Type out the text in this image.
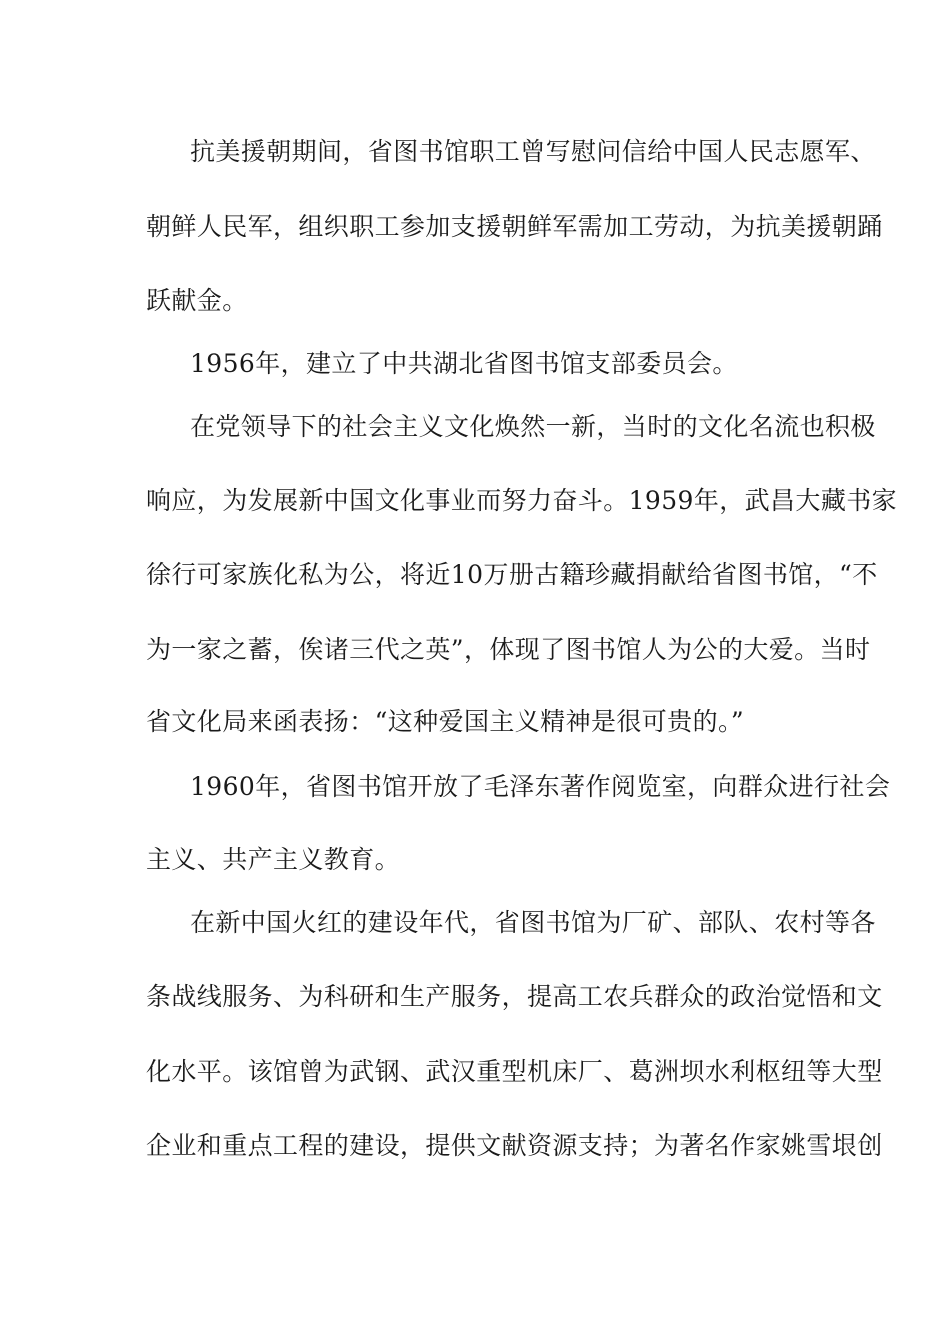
抗美援朝期间，省图书馆职工曾写慰问信给中国人民志愿军、
朝鲜人民军，组织职工参加支援朝鲜军需加工劳动，为抗美援朝踊
跃献金。
1956年，建立了中共湖北省图书馆支部委员会。
在党领导下的社会主义文化焕然一新，当时的文化名流也积极
响应，为发展新中国文化事业而努力奋斗。1959年，武昌大藏书家
徐行可家族化私为公，将近10万册古籍珍藏捐献给省图书馆，“不
为一家之蓄，俟诸三代之英”，体现了图书馆人为公的大爱。当时
省文化局来函表扬：“这种爱国主义精神是很可贵的。”
1960年，省图书馆开放了毛泽东著作阅览室，向群众进行社会
主义、共产主义教育。
在新中国火红的建设年代，省图书馆为厂矿、部队、农村等各
条战线服务、为科研和生产服务，提高工农兵群众的政治觉悟和文
化水平。该馆曾为武钢、武汉重型机床厂、葛洲坝水利枢纽等大型
企业和重点工程的建设，提供文献资源支持；为著名作家姚雪垠创
